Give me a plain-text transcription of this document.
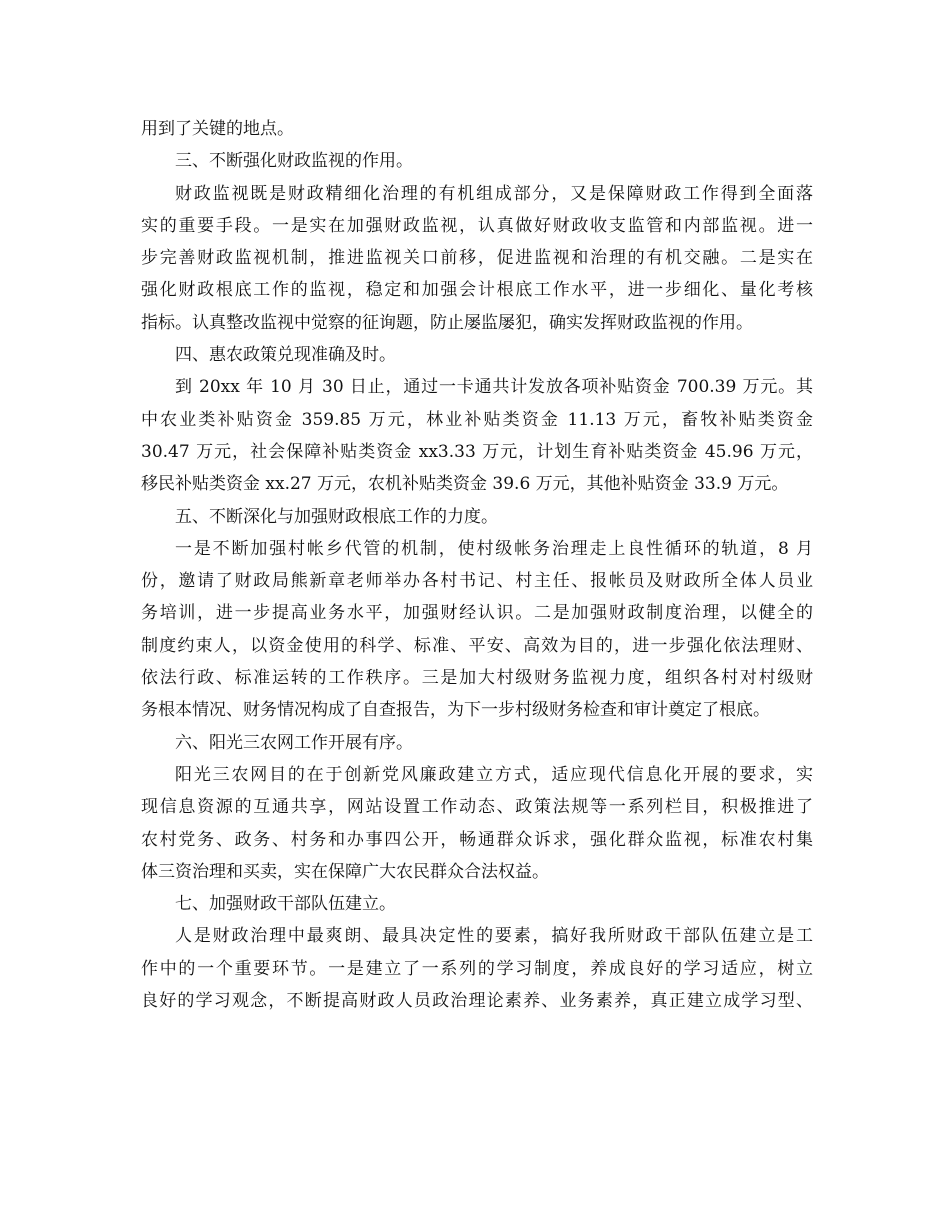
用到了关键的地点。
三、不断强化财政监视的作用。
财政监视既是财政精细化治理的有机组成部分，又是保障财政工作得到全面落
实的重要手段。一是实在加强财政监视，认真做好财政收支监管和内部监视。进一
步完善财政监视机制，推进监视关口前移，促进监视和治理的有机交融。二是实在
强化财政根底工作的监视，稳定和加强会计根底工作水平，进一步细化、量化考核
指标。认真整改监视中觉察的征询题，防止屡监屡犯，确实发挥财政监视的作用。
四、惠农政策兑现准确及时。
到 20xx 年 10 月 30 日止，通过一卡通共计发放各项补贴资金 700.39 万元。其
中农业类补贴资金 359.85 万元，林业补贴类资金 11.13 万元，畜牧补贴类资金
30.47 万元，社会保障补贴类资金 xx3.33 万元，计划生育补贴类资金 45.96 万元，
移民补贴类资金 xx.27 万元，农机补贴类资金 39.6 万元，其他补贴资金 33.9 万元。
五、不断深化与加强财政根底工作的力度。
一是不断加强村帐乡代管的机制，使村级帐务治理走上良性循环的轨道，8 月
份，邀请了财政局熊新章老师举办各村书记、村主任、报帐员及财政所全体人员业
务培训，进一步提高业务水平，加强财经认识。二是加强财政制度治理，以健全的
制度约束人，以资金使用的科学、标准、平安、高效为目的，进一步强化依法理财、
依法行政、标准运转的工作秩序。三是加大村级财务监视力度，组织各村对村级财
务根本情况、财务情况构成了自查报告，为下一步村级财务检查和审计奠定了根底。
六、阳光三农网工作开展有序。
阳光三农网目的在于创新党风廉政建立方式，适应现代信息化开展的要求，实
现信息资源的互通共享，网站设置工作动态、政策法规等一系列栏目，积极推进了
农村党务、政务、村务和办事四公开，畅通群众诉求，强化群众监视，标准农村集
体三资治理和买卖，实在保障广大农民群众合法权益。
七、加强财政干部队伍建立。
人是财政治理中最爽朗、最具决定性的要素，搞好我所财政干部队伍建立是工
作中的一个重要环节。一是建立了一系列的学习制度，养成良好的学习适应，树立
良好的学习观念，不断提高财政人员政治理论素养、业务素养，真正建立成学习型、
